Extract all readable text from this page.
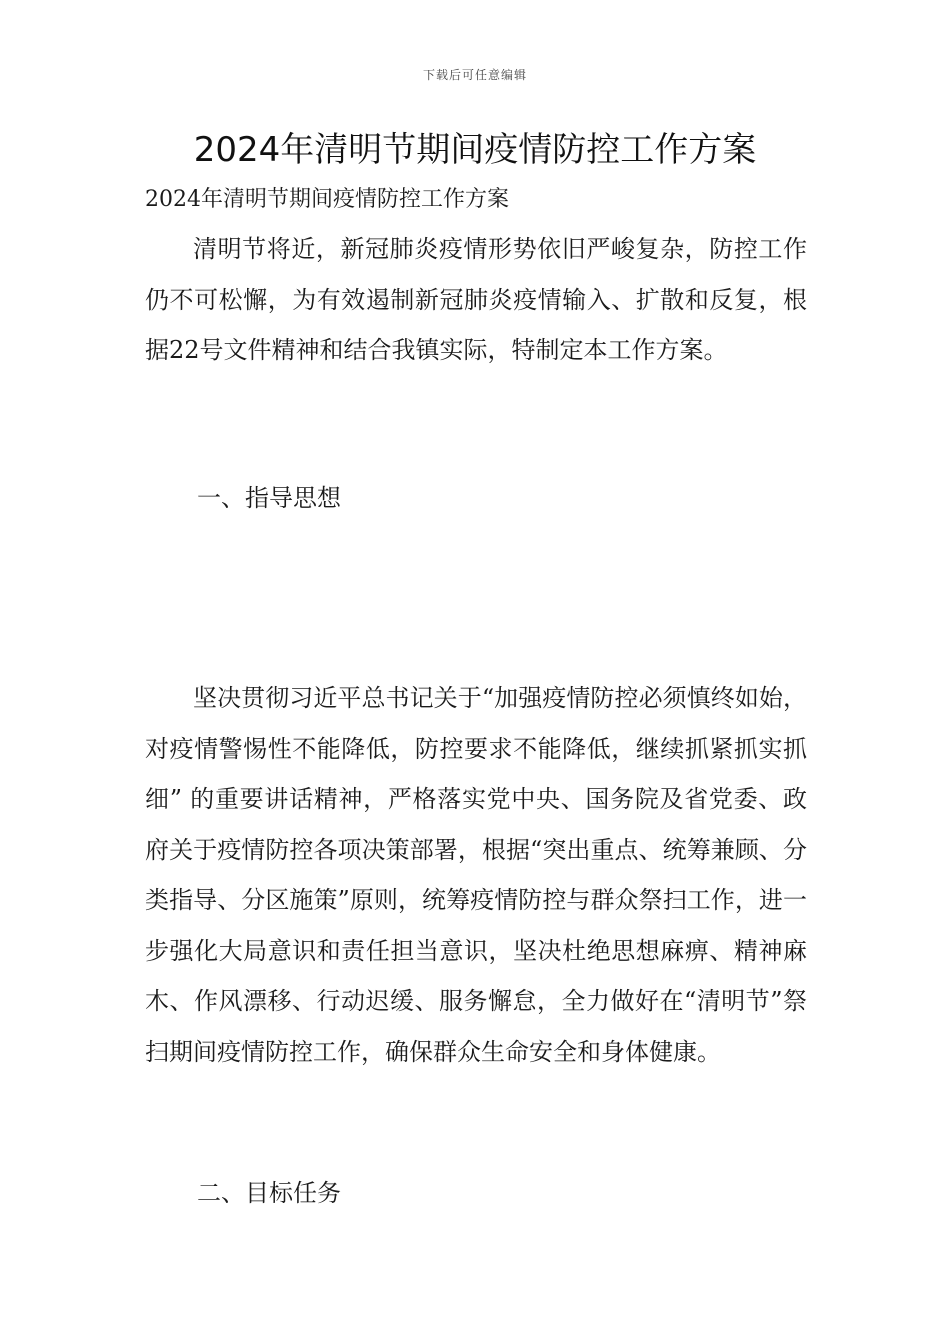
下载后可任意编辑
2024年清明节期间疫情防控工作方案

2024年清明节期间疫情防控工作方案

清明节将近，新冠肺炎疫情形势依旧严峻复杂，防控工作仍不可松懈，为有效遏制新冠肺炎疫情输入、扩散和反复，根据22号文件精神和结合我镇实际，特制定本工作方案。

一、指导思想

坚决贯彻习近平总书记关于“加强疫情防控必须慎终如始，对疫情警惕性不能降低，防控要求不能降低，继续抓紧抓实抓细” 的重要讲话精神，严格落实党中央、国务院及省党委、政府关于疫情防控各项决策部署，根据“突出重点、统筹兼顾、分类指导、分区施策”原则，统筹疫情防控与群众祭扫工作，进一步强化大局意识和责任担当意识，坚决杜绝思想麻痹、精神麻木、作风漂移、行动迟缓、服务懈怠，全力做好在“清明节”祭扫期间疫情防控工作，确保群众生命安全和身体健康。

二、目标任务
